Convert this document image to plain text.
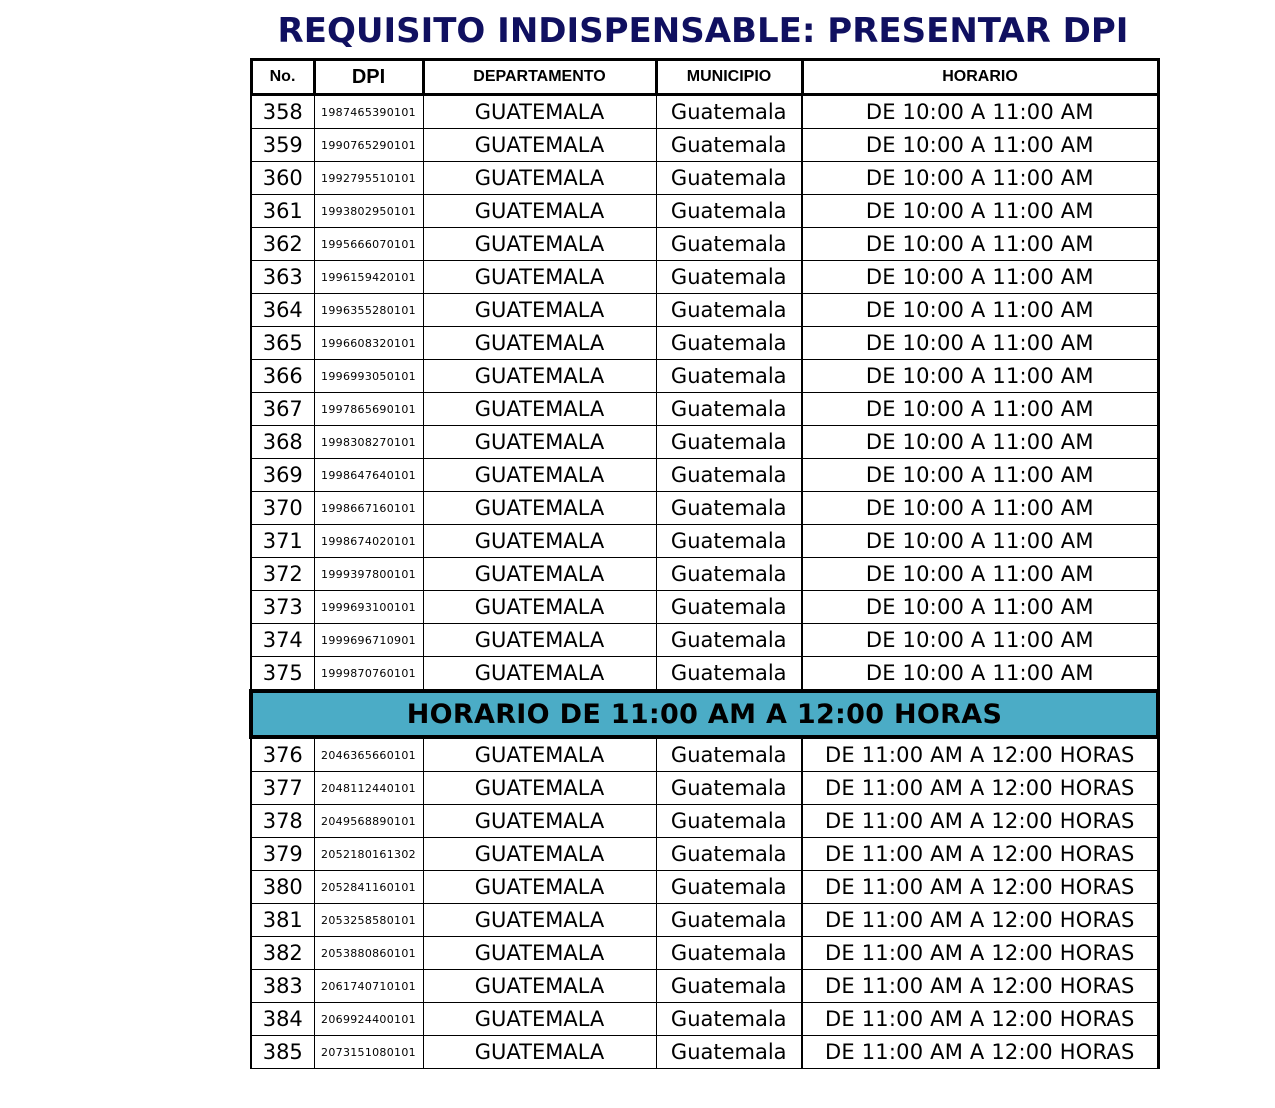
REQUISITO INDISPENSABLE: PRESENTAR DPI
No.	DPI	DEPARTAMENTO	MUNICIPIO	HORARIO
358	1987465390101	GUATEMALA	Guatemala	DE 10:00 A 11:00 AM
359	1990765290101	GUATEMALA	Guatemala	DE 10:00 A 11:00 AM
360	1992795510101	GUATEMALA	Guatemala	DE 10:00 A 11:00 AM
361	1993802950101	GUATEMALA	Guatemala	DE 10:00 A 11:00 AM
362	1995666070101	GUATEMALA	Guatemala	DE 10:00 A 11:00 AM
363	1996159420101	GUATEMALA	Guatemala	DE 10:00 A 11:00 AM
364	1996355280101	GUATEMALA	Guatemala	DE 10:00 A 11:00 AM
365	1996608320101	GUATEMALA	Guatemala	DE 10:00 A 11:00 AM
366	1996993050101	GUATEMALA	Guatemala	DE 10:00 A 11:00 AM
367	1997865690101	GUATEMALA	Guatemala	DE 10:00 A 11:00 AM
368	1998308270101	GUATEMALA	Guatemala	DE 10:00 A 11:00 AM
369	1998647640101	GUATEMALA	Guatemala	DE 10:00 A 11:00 AM
370	1998667160101	GUATEMALA	Guatemala	DE 10:00 A 11:00 AM
371	1998674020101	GUATEMALA	Guatemala	DE 10:00 A 11:00 AM
372	1999397800101	GUATEMALA	Guatemala	DE 10:00 A 11:00 AM
373	1999693100101	GUATEMALA	Guatemala	DE 10:00 A 11:00 AM
374	1999696710901	GUATEMALA	Guatemala	DE 10:00 A 11:00 AM
375	1999870760101	GUATEMALA	Guatemala	DE 10:00 A 11:00 AM
HORARIO DE 11:00 AM A 12:00 HORAS				
376	2046365660101	GUATEMALA	Guatemala	DE 11:00 AM A 12:00 HORAS
377	2048112440101	GUATEMALA	Guatemala	DE 11:00 AM A 12:00 HORAS
378	2049568890101	GUATEMALA	Guatemala	DE 11:00 AM A 12:00 HORAS
379	2052180161302	GUATEMALA	Guatemala	DE 11:00 AM A 12:00 HORAS
380	2052841160101	GUATEMALA	Guatemala	DE 11:00 AM A 12:00 HORAS
381	2053258580101	GUATEMALA	Guatemala	DE 11:00 AM A 12:00 HORAS
382	2053880860101	GUATEMALA	Guatemala	DE 11:00 AM A 12:00 HORAS
383	2061740710101	GUATEMALA	Guatemala	DE 11:00 AM A 12:00 HORAS
384	2069924400101	GUATEMALA	Guatemala	DE 11:00 AM A 12:00 HORAS
385	2073151080101	GUATEMALA	Guatemala	DE 11:00 AM A 12:00 HORAS
